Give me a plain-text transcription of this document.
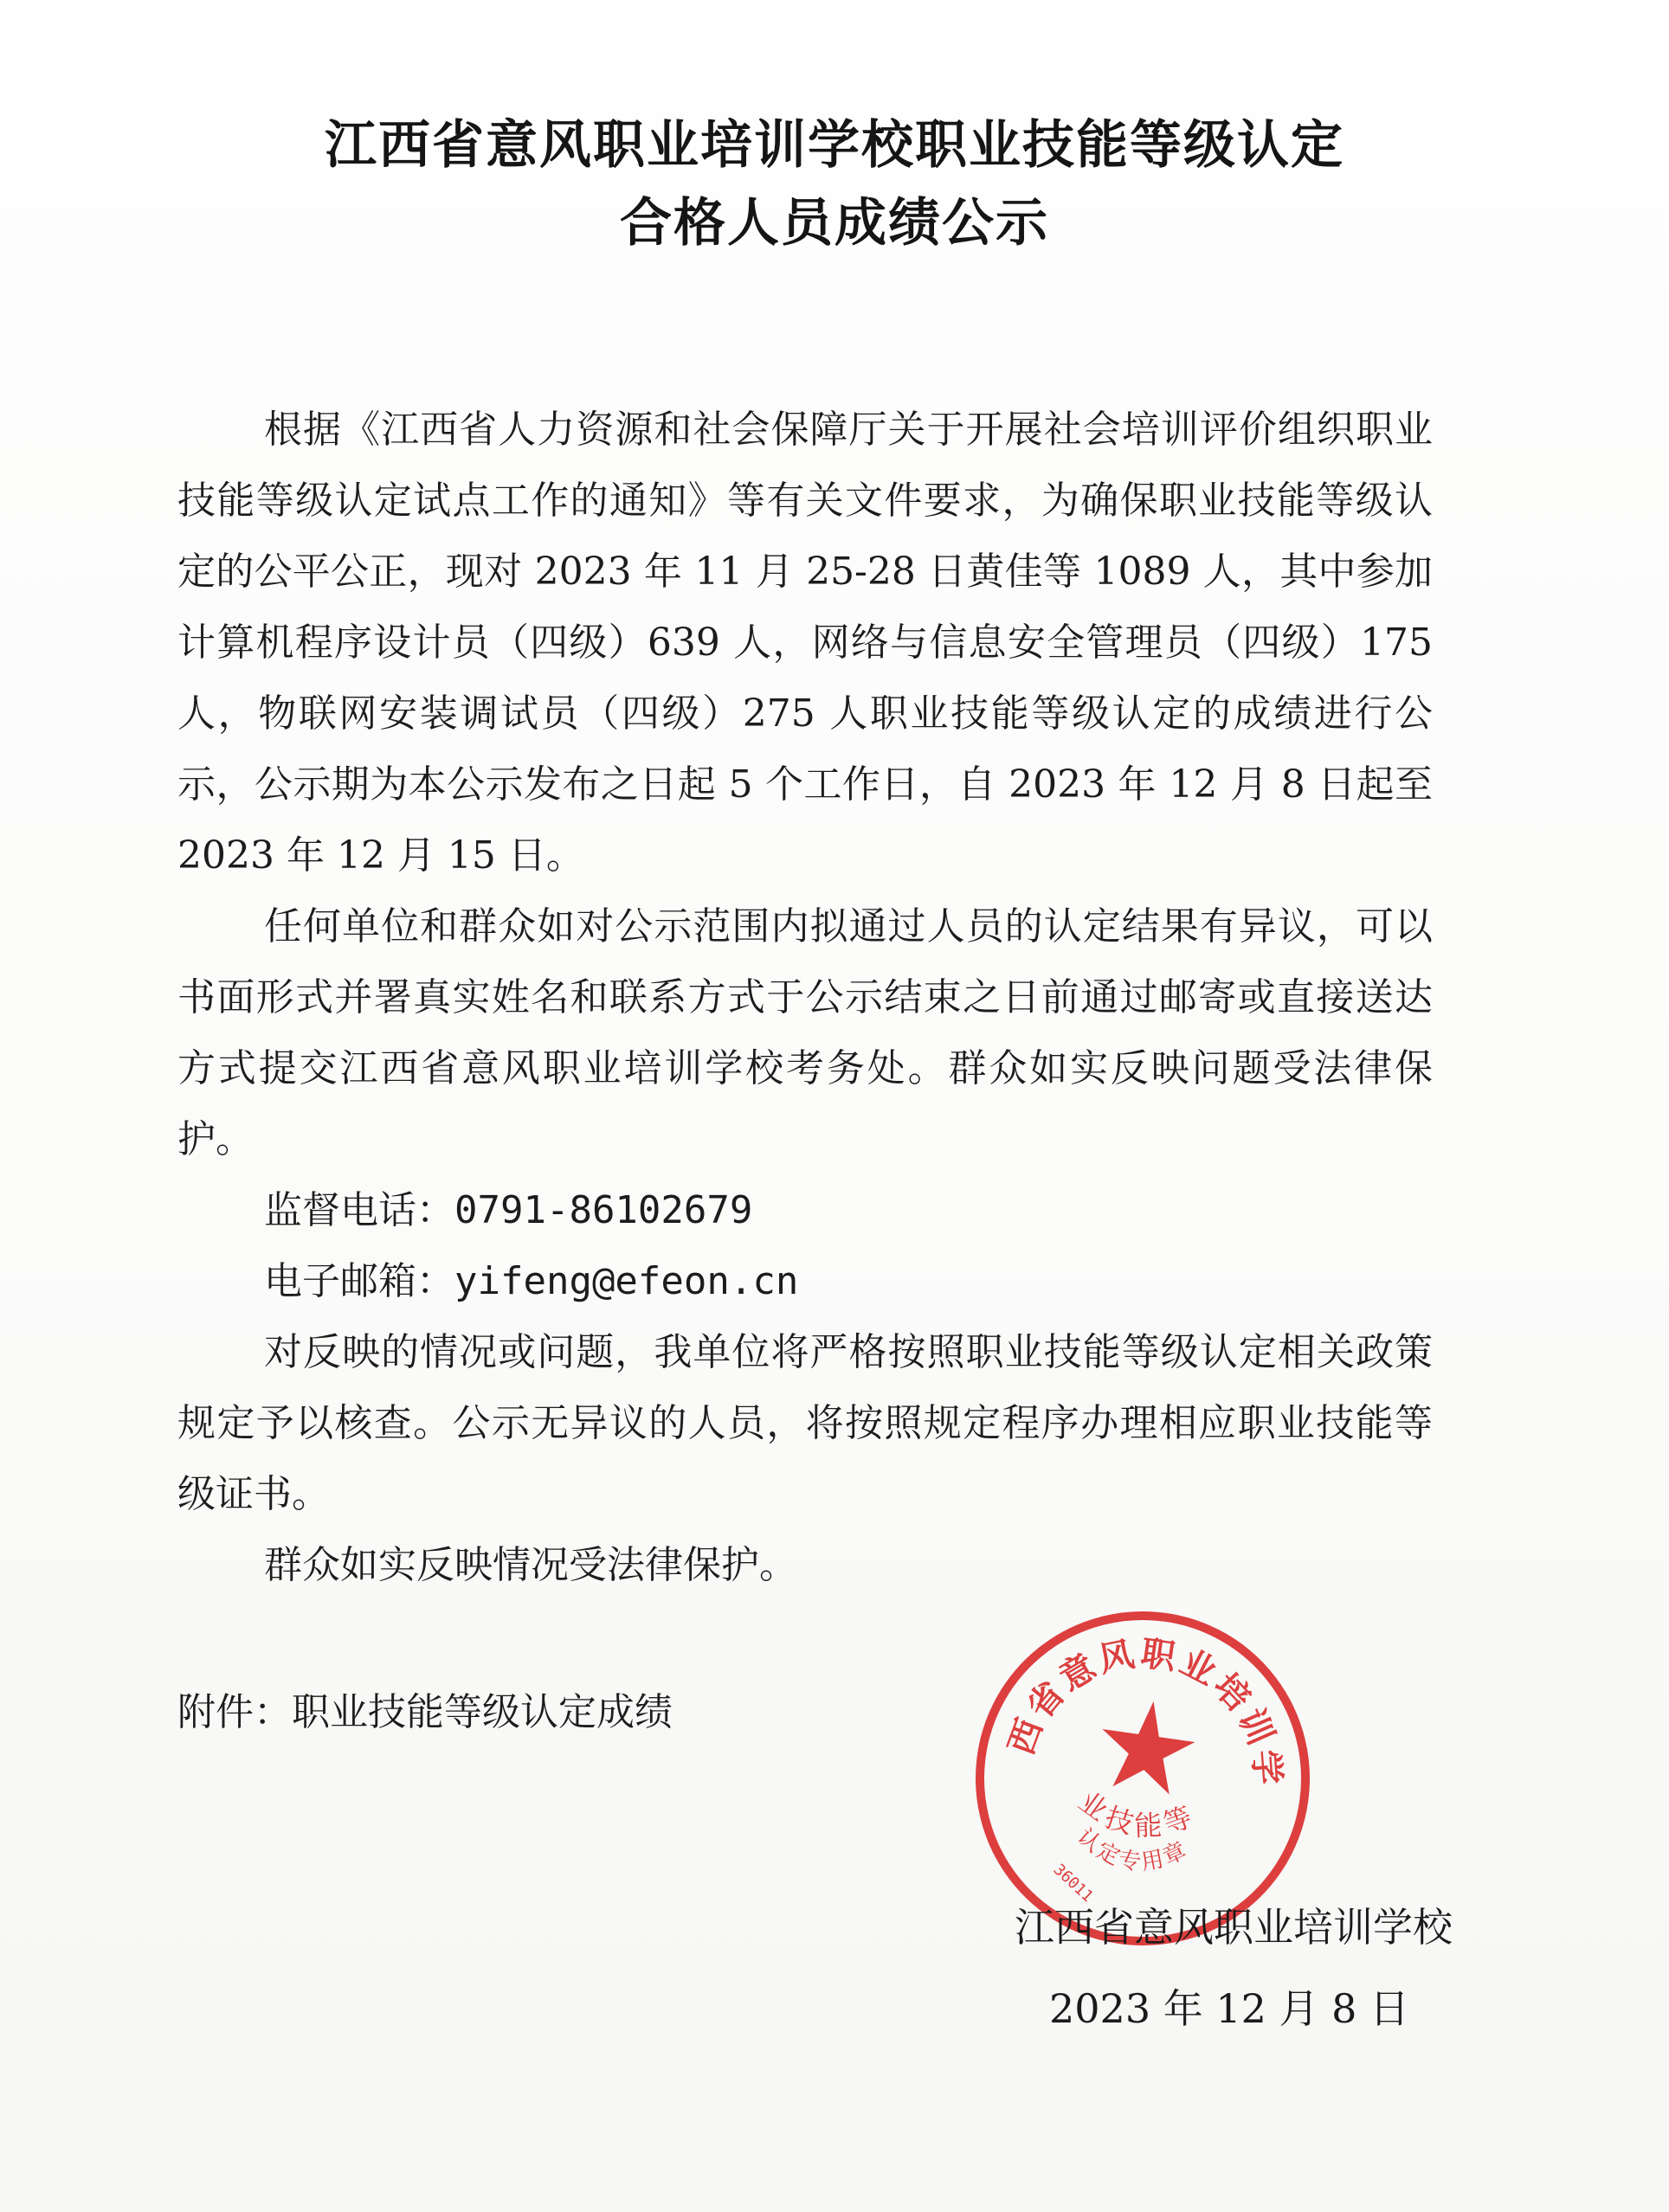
江西省意风职业培训学校职业技能等级认定
合格人员成绩公示

根据《江西省人力资源和社会保障厅关于开展社会培训评价组织职业技能等级认定试点工作的通知》等有关文件要求，为确保职业技能等级认定的公平公正，现对 2023 年 11 月 25-28 日黄佳等 1089 人，其中参加计算机程序设计员（四级）639 人，网络与信息安全管理员（四级）175 人，物联网安装调试员（四级）275 人职业技能等级认定的成绩进行公示，公示期为本公示发布之日起 5 个工作日，自 2023 年 12 月 8 日起至 2023 年 12 月 15 日。

任何单位和群众如对公示范围内拟通过人员的认定结果有异议，可以书面形式并署真实姓名和联系方式于公示结束之日前通过邮寄或直接送达方式提交江西省意风职业培训学校考务处。群众如实反映问题受法律保护。

监督电话：0791-86102679

电子邮箱：yifeng@efeon.cn

对反映的情况或问题，我单位将严格按照职业技能等级认定相关政策规定予以核查。公示无异议的人员，将按照规定程序办理相应职业技能等级证书。

群众如实反映情况受法律保护。

附件：职业技能等级认定成绩
江西省意风职业培训学校
职业技能等级
认定专用章
36011
江西省意风职业培训学校
2023 年 12 月 8 日
